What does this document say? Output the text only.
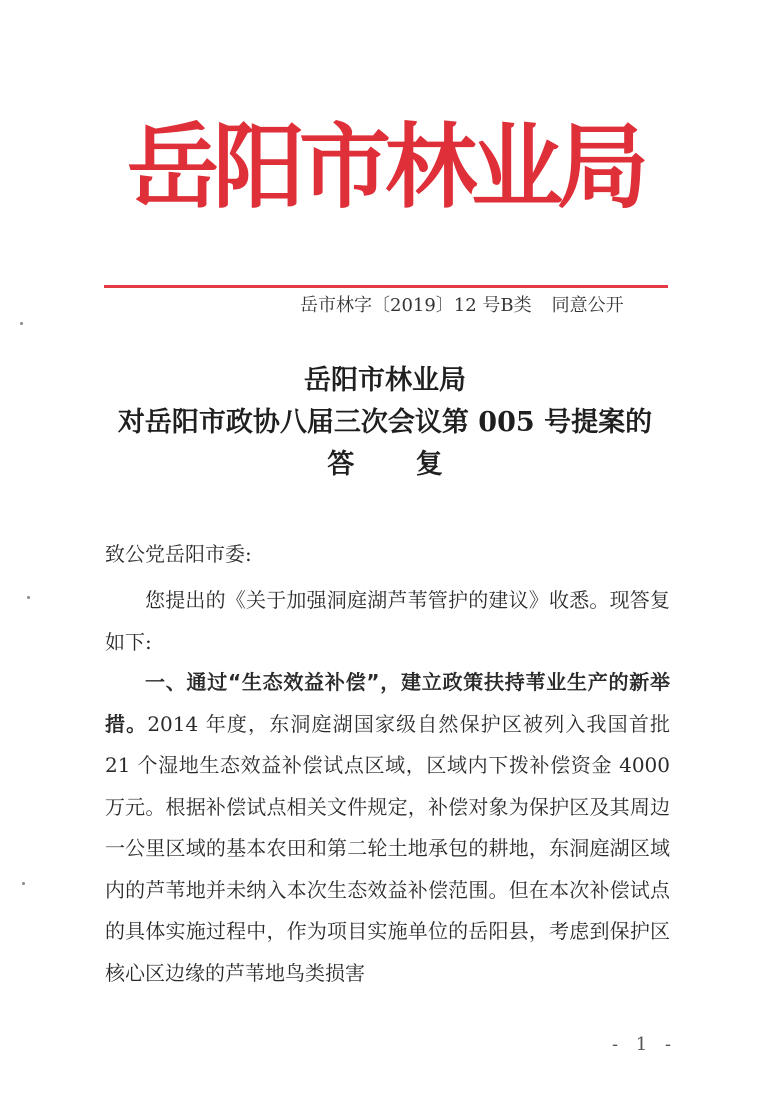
岳阳市林业局
岳市林字〔2019〕12 号B类 同意公开
岳阳市林业局
对岳阳市政协八届三次会议第 005 号提案的
答 复
致公党岳阳市委:

您提出的《关于加强洞庭湖芦苇管护的建议》收悉。现答复如下:

一、通过“生态效益补偿”，建立政策扶持苇业生产的新举措。2014 年度，东洞庭湖国家级自然保护区被列入我国首批 21 个湿地生态效益补偿试点区域，区域内下拨补偿资金 4000 万元。根据补偿试点相关文件规定，补偿对象为保护区及其周边一公里区域的基本农田和第二轮土地承包的耕地，东洞庭湖区域内的芦苇地并未纳入本次生态效益补偿范围。但在本次补偿试点的具体实施过程中，作为项目实施单位的岳阳县，考虑到保护区核心区边缘的芦苇地鸟类损害

- 1 -
